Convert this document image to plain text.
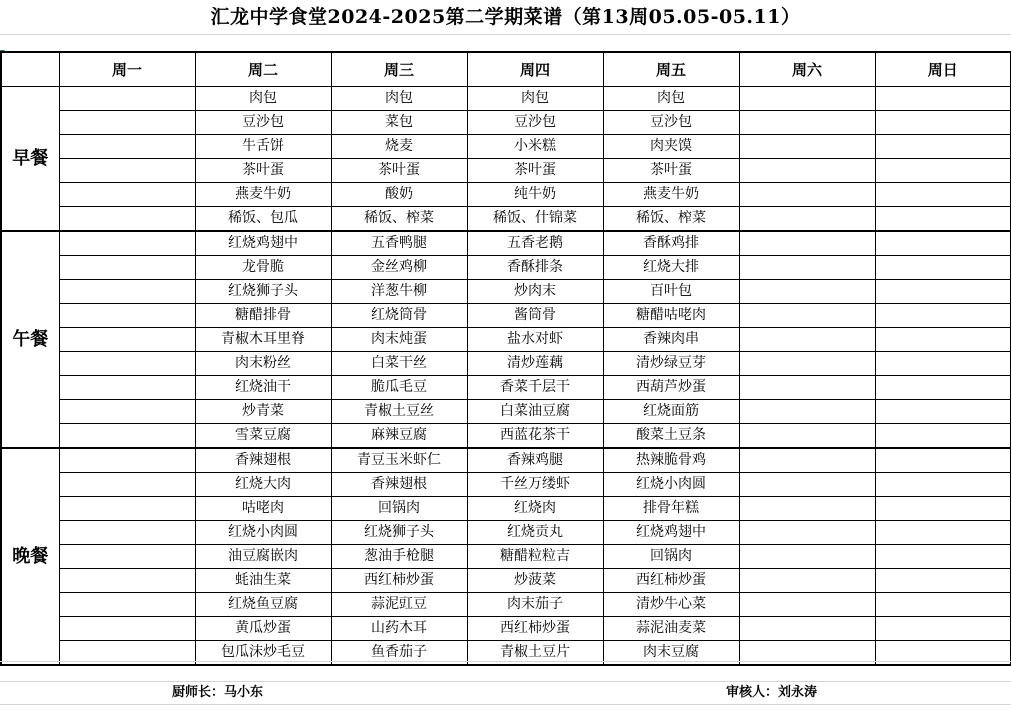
汇龙中学食堂2024-2025第二学期菜谱（第13周05.05-05.11）
	周一	周二	周三	周四	周五	周六	周日
早餐		肉包	肉包	肉包	肉包		
		豆沙包	菜包	豆沙包	豆沙包		
		牛舌饼	烧麦	小米糕	肉夹馍		
		茶叶蛋	茶叶蛋	茶叶蛋	茶叶蛋		
		燕麦牛奶	酸奶	纯牛奶	燕麦牛奶		
		稀饭、包瓜	稀饭、榨菜	稀饭、什锦菜	稀饭、榨菜		
午餐		红烧鸡翅中	五香鸭腿	五香老鹅	香酥鸡排		
		龙骨脆	金丝鸡柳	香酥排条	红烧大排		
		红烧狮子头	洋葱牛柳	炒肉末	百叶包		
		糖醋排骨	红烧筒骨	酱筒骨	糖醋咕咾肉		
		青椒木耳里脊	肉末炖蛋	盐水对虾	香辣肉串		
		肉末粉丝	白菜干丝	清炒莲藕	清炒绿豆芽		
		红烧油干	脆瓜毛豆	香菜千层干	西葫芦炒蛋		
		炒青菜	青椒土豆丝	白菜油豆腐	红烧面筋		
		雪菜豆腐	麻辣豆腐	西蓝花茶干	酸菜土豆条		
晚餐		香辣翅根	青豆玉米虾仁	香辣鸡腿	热辣脆骨鸡		
		红烧大肉	香辣翅根	千丝万缕虾	红烧小肉圆		
		咕咾肉	回锅肉	红烧肉	排骨年糕		
		红烧小肉圆	红烧狮子头	红烧贡丸	红烧鸡翅中		
		油豆腐嵌肉	葱油手枪腿	糖醋粒粒吉	回锅肉		
		蚝油生菜	西红柿炒蛋	炒菠菜	西红柿炒蛋		
		红烧鱼豆腐	蒜泥豇豆	肉末茄子	清炒牛心菜		
		黄瓜炒蛋	山药木耳	西红柿炒蛋	蒜泥油麦菜		
		包瓜沫炒毛豆	鱼香茄子	青椒土豆片	肉末豆腐		
厨师长：马小东	审核人：刘永涛
